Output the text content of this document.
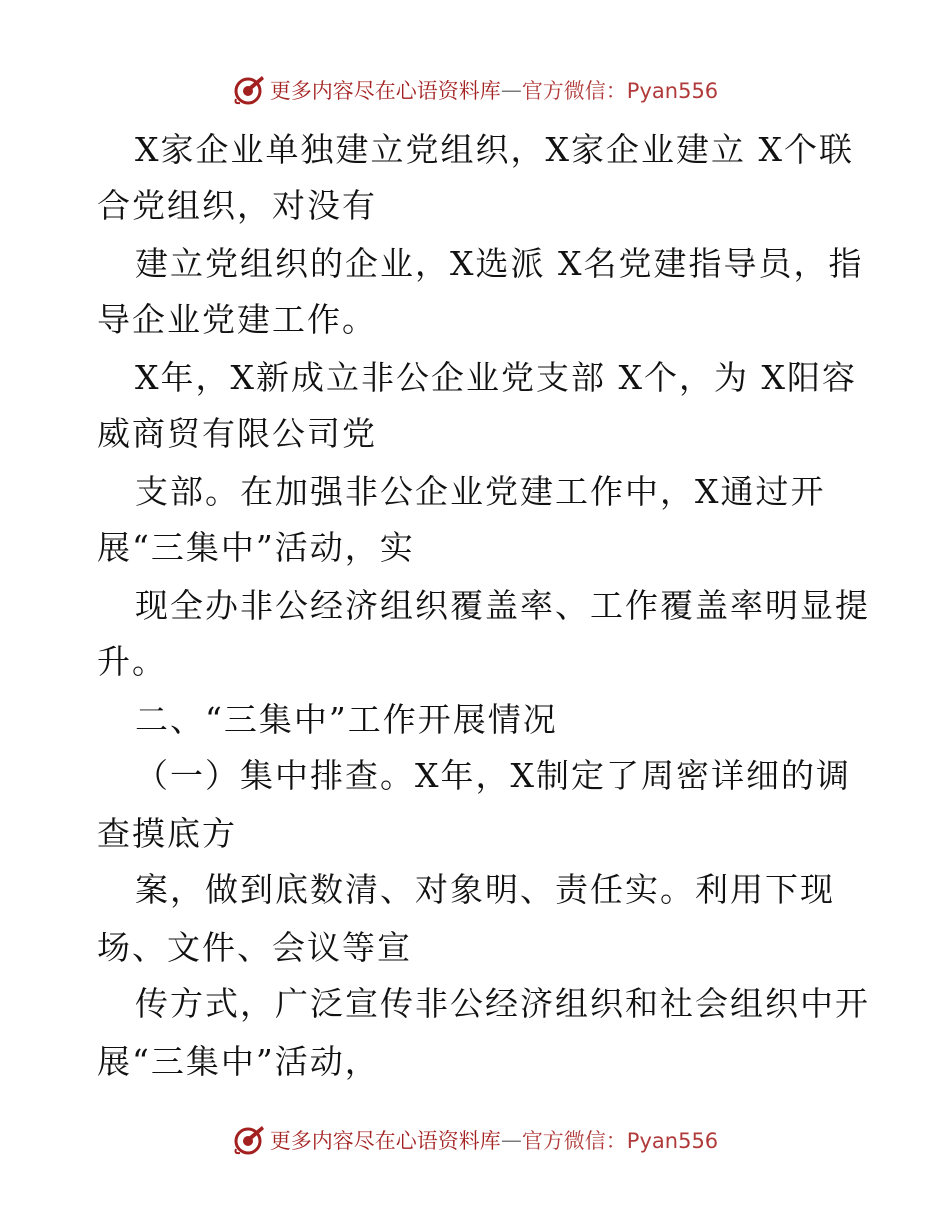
更多内容尽在心语资料库 — 官方微信：Pyan556
X家企业单独建立党组织，X家企业建立 X个联
合党组织，对没有
建立党组织的企业，X选派 X名党建指导员，指
导企业党建工作。
X年，X新成立非公企业党支部 X个，为 X阳容
威商贸有限公司党
支部。在加强非公企业党建工作中，X通过开
展“三集中”活动，实
现全办非公经济组织覆盖率、工作覆盖率明显提
升。
二、“三集中”工作开展情况
（一）集中排查。X年，X制定了周密详细的调
查摸底方
案，做到底数清、对象明、责任实。利用下现
场、文件、会议等宣
传方式，广泛宣传非公经济组织和社会组织中开
展“三集中”活动，
更多内容尽在心语资料库 — 官方微信：Pyan556
